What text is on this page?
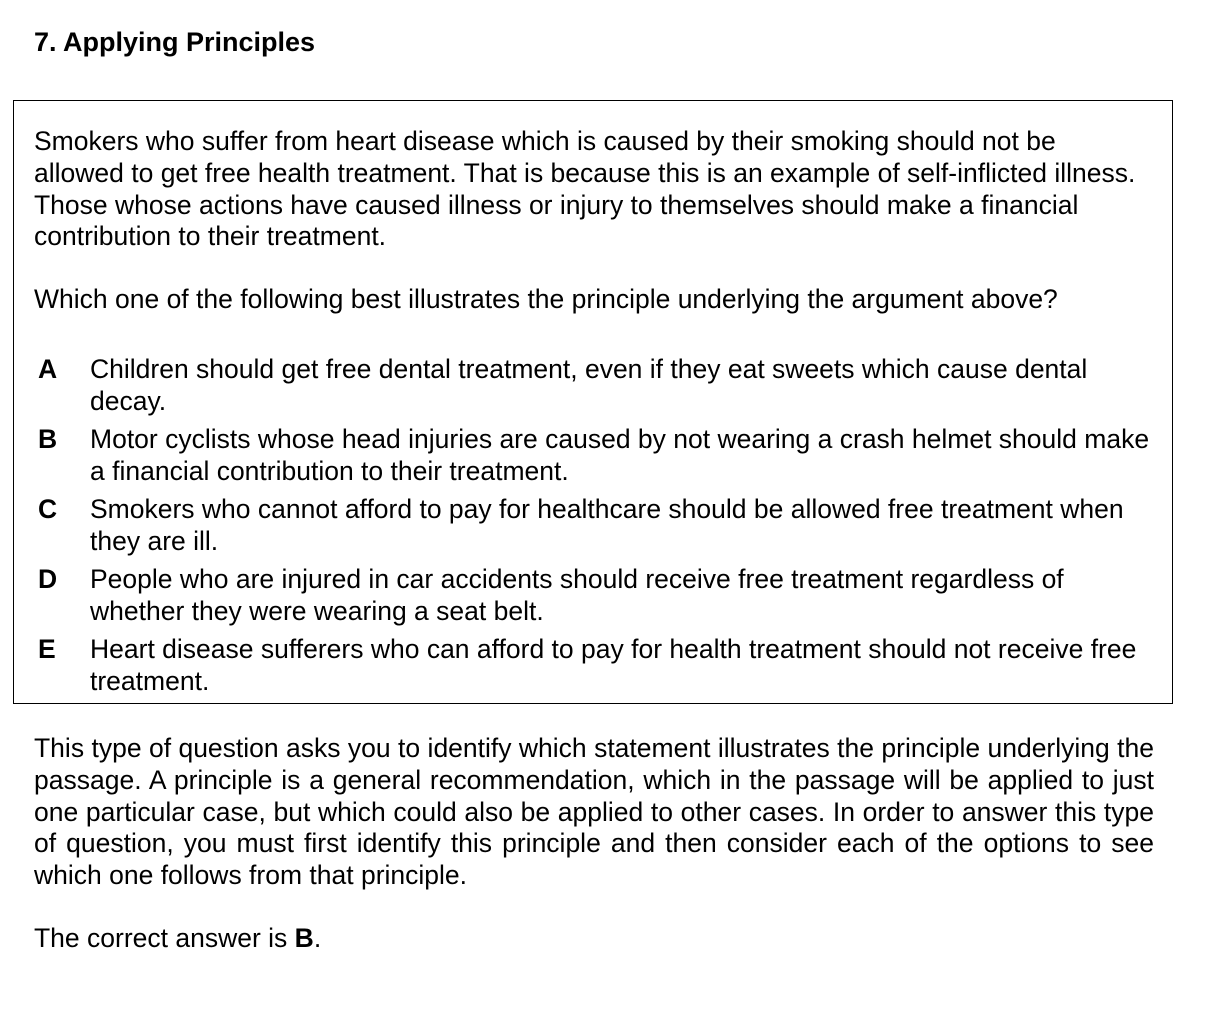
7. Applying Principles

Smokers who suffer from heart disease which is caused by their smoking should not be allowed to get free health treatment. That is because this is an example of self-inflicted illness. Those whose actions have caused illness or injury to themselves should make a financial contribution to their treatment.

Which one of the following best illustrates the principle underlying the argument above?

A Children should get free dental treatment, even if they eat sweets which cause dental decay.
B Motor cyclists whose head injuries are caused by not wearing a crash helmet should make a financial contribution to their treatment.
C Smokers who cannot afford to pay for healthcare should be allowed free treatment when they are ill.
D People who are injured in car accidents should receive free treatment regardless of whether they were wearing a seat belt.
E Heart disease sufferers who can afford to pay for health treatment should not receive free treatment.

This type of question asks you to identify which statement illustrates the principle underlying the passage. A principle is a general recommendation, which in the passage will be applied to just one particular case, but which could also be applied to other cases. In order to answer this type of question, you must first identify this principle and then consider each of the options to see which one follows from that principle.

The correct answer is B.
